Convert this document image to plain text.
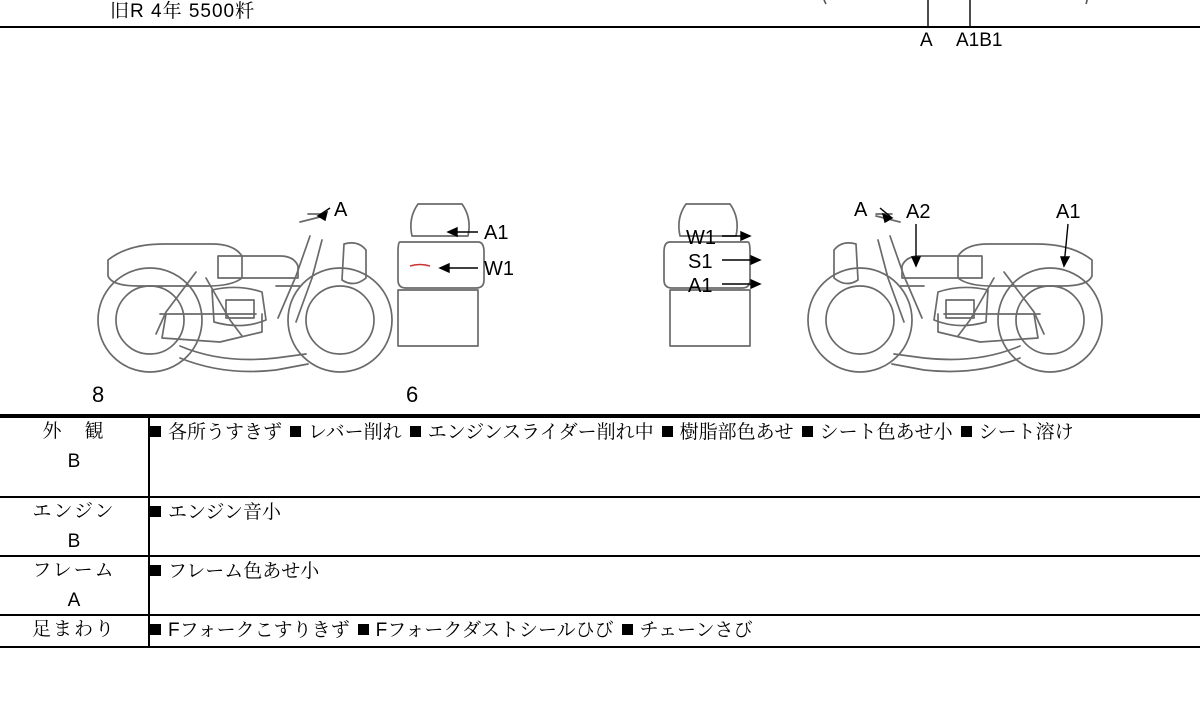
旧R 4年 5500粁
A A1B1
A
A1
W1
W1
S1
A1
A A2	A1
8	6
外　観
B	各所うすきず レバー削れ エンジンスライダー削れ中 樹脂部色あせ シート色あせ小 シート溶け

エンジン
B	エンジン音小

フレーム
A	フレーム色あせ小

足まわり	Fフォークこすりきず Fフォークダストシールひび チェーンさび
